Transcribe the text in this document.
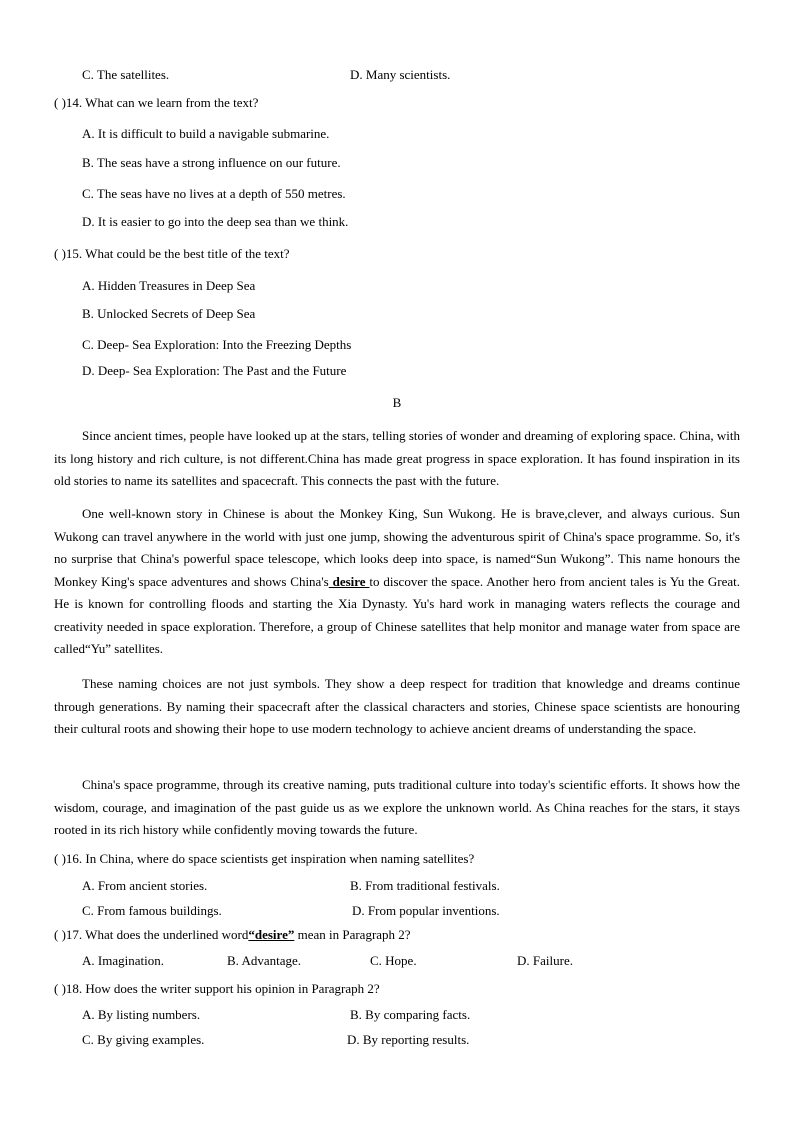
C. The satellites.	D. Many scientists.
( )14. What can we learn from the text?
A. It is difficult to build a navigable submarine.
B. The seas have a strong influence on our future.
C. The seas have no lives at a depth of 550 metres.
D. It is easier to go into the deep sea than we think.
( )15. What could be the best title of the text?
A. Hidden Treasures in Deep Sea
B. Unlocked Secrets of Deep Sea
C. Deep- Sea Exploration: Into the Freezing Depths
D. Deep- Sea Exploration: The Past and the Future
B
Since ancient times, people have looked up at the stars, telling stories of wonder and dreaming of exploring space. China, with its long history and rich culture, is not different.China has made great progress in space exploration. It has found inspiration in its old stories to name its satellites and spacecraft. This connects the past with the future.
One well-known story in Chinese is about the Monkey King, Sun Wukong. He is brave,clever, and always curious. Sun Wukong can travel anywhere in the world with just one jump, showing the adventurous spirit of China's space programme. So, it's no surprise that China's powerful space telescope, which looks deep into space, is named“Sun Wukong”. This name honours the Monkey King's space adventures and shows China's desire to discover the space. Another hero from ancient tales is Yu the Great. He is known for controlling floods and starting the Xia Dynasty. Yu's hard work in managing waters reflects the courage and creativity needed in space exploration. Therefore, a group of Chinese satellites that help monitor and manage water from space are called“Yu” satellites.
These naming choices are not just symbols. They show a deep respect for tradition that knowledge and dreams continue through generations. By naming their spacecraft after the classical characters and stories, Chinese space scientists are honouring their cultural roots and showing their hope to use modern technology to achieve ancient dreams of understanding the space.
China's space programme, through its creative naming, puts traditional culture into today's scientific efforts. It shows how the wisdom, courage, and imagination of the past guide us as we explore the unknown world. As China reaches for the stars, it stays rooted in its rich history while confidently moving towards the future.
( )16. In China, where do space scientists get inspiration when naming satellites?
A. From ancient stories.	B. From traditional festivals.
C. From famous buildings.	D. From popular inventions.
( )17. What does the underlined word“desire” mean in Paragraph 2?
A. Imagination.	B. Advantage.	C. Hope.	D. Failure.
( )18. How does the writer support his opinion in Paragraph 2?
A. By listing numbers.	B. By comparing facts.
C. By giving examples.	D. By reporting results.
